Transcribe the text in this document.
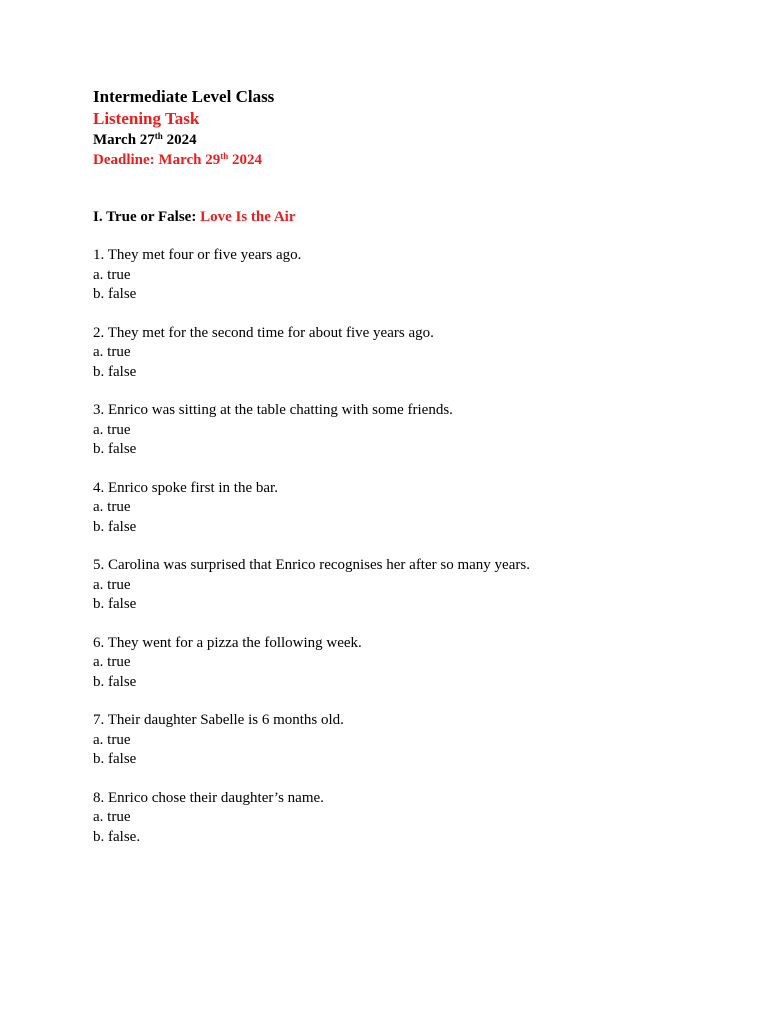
Intermediate Level Class

Listening Task

March 27th 2024

Deadline: March 29th 2024

I. True or False: Love Is the Air

1. They met four or five years ago.

a. true

b. false

2. They met for the second time for about five years ago.

a. true

b. false

3. Enrico was sitting at the table chatting with some friends.

a. true

b. false

4. Enrico spoke first in the bar.

a. true

b. false

5. Carolina was surprised that Enrico recognises her after so many years.

a. true

b. false

6. They went for a pizza the following week.

a. true

b. false

7. Their daughter Sabelle is 6 months old.

a. true

b. false

8. Enrico chose their daughter’s name.

a. true

b. false.
